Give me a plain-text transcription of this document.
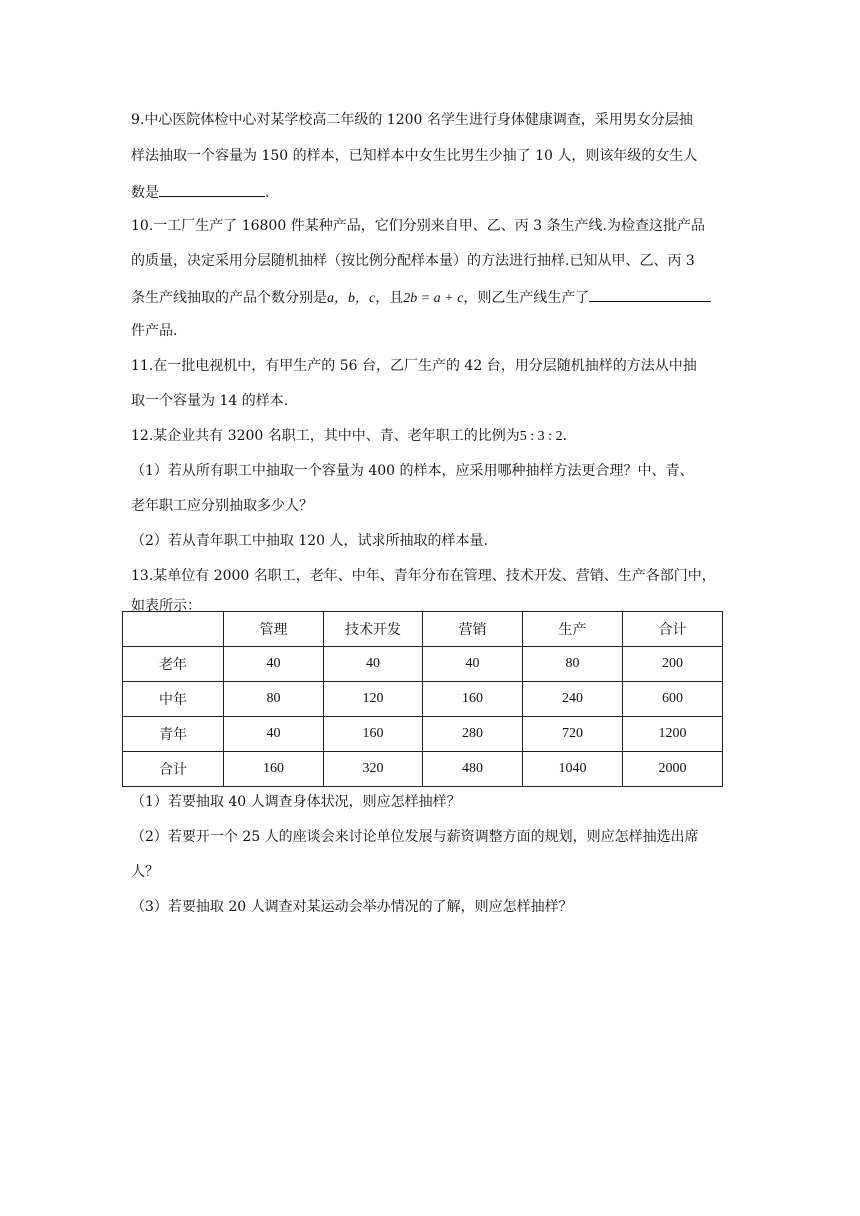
9.中心医院体检中心对某学校高二年级的 1200 名学生进行身体健康调查，采用男女分层抽
样法抽取一个容量为 150 的样本，已知样本中女生比男生少抽了 10 人，则该年级的女生人
数是	.
10.一工厂生产了 16800 件某种产品，它们分别来自甲、乙、丙 3 条生产线.为检查这批产品
的质量，决定采用分层随机抽样（按比例分配样本量）的方法进行抽样.已知从甲、乙、丙 3
条生产线抽取的产品个数分别是a，b，c，且2b = a + c，则乙生产线生产了
件产品.
11.在一批电视机中，有甲生产的 56 台，乙厂生产的 42 台，用分层随机抽样的方法从中抽
取一个容量为 14 的样本.
12.某企业共有 3200 名职工，其中中、青、老年职工的比例为5 : 3 : 2.
（1）若从所有职工中抽取一个容量为 400 的样本，应采用哪种抽样方法更合理？中、青、
老年职工应分别抽取多少人？
（2）若从青年职工中抽取 120 人，试求所抽取的样本量.
13.某单位有 2000 名职工，老年、中年、青年分布在管理、技术开发、营销、生产各部门中，
如表所示：
	管理	技术开发	营销	生产	合计
老年	40	40	40	80	200
中年	80	120	160	240	600
青年	40	160	280	720	1200
合计	160	320	480	1040	2000
（1）若要抽取 40 人调查身体状况，则应怎样抽样？
（2）若要开一个 25 人的座谈会来讨论单位发展与薪资调整方面的规划，则应怎样抽选出席
人？
（3）若要抽取 20 人调查对某运动会举办情况的了解，则应怎样抽样？
